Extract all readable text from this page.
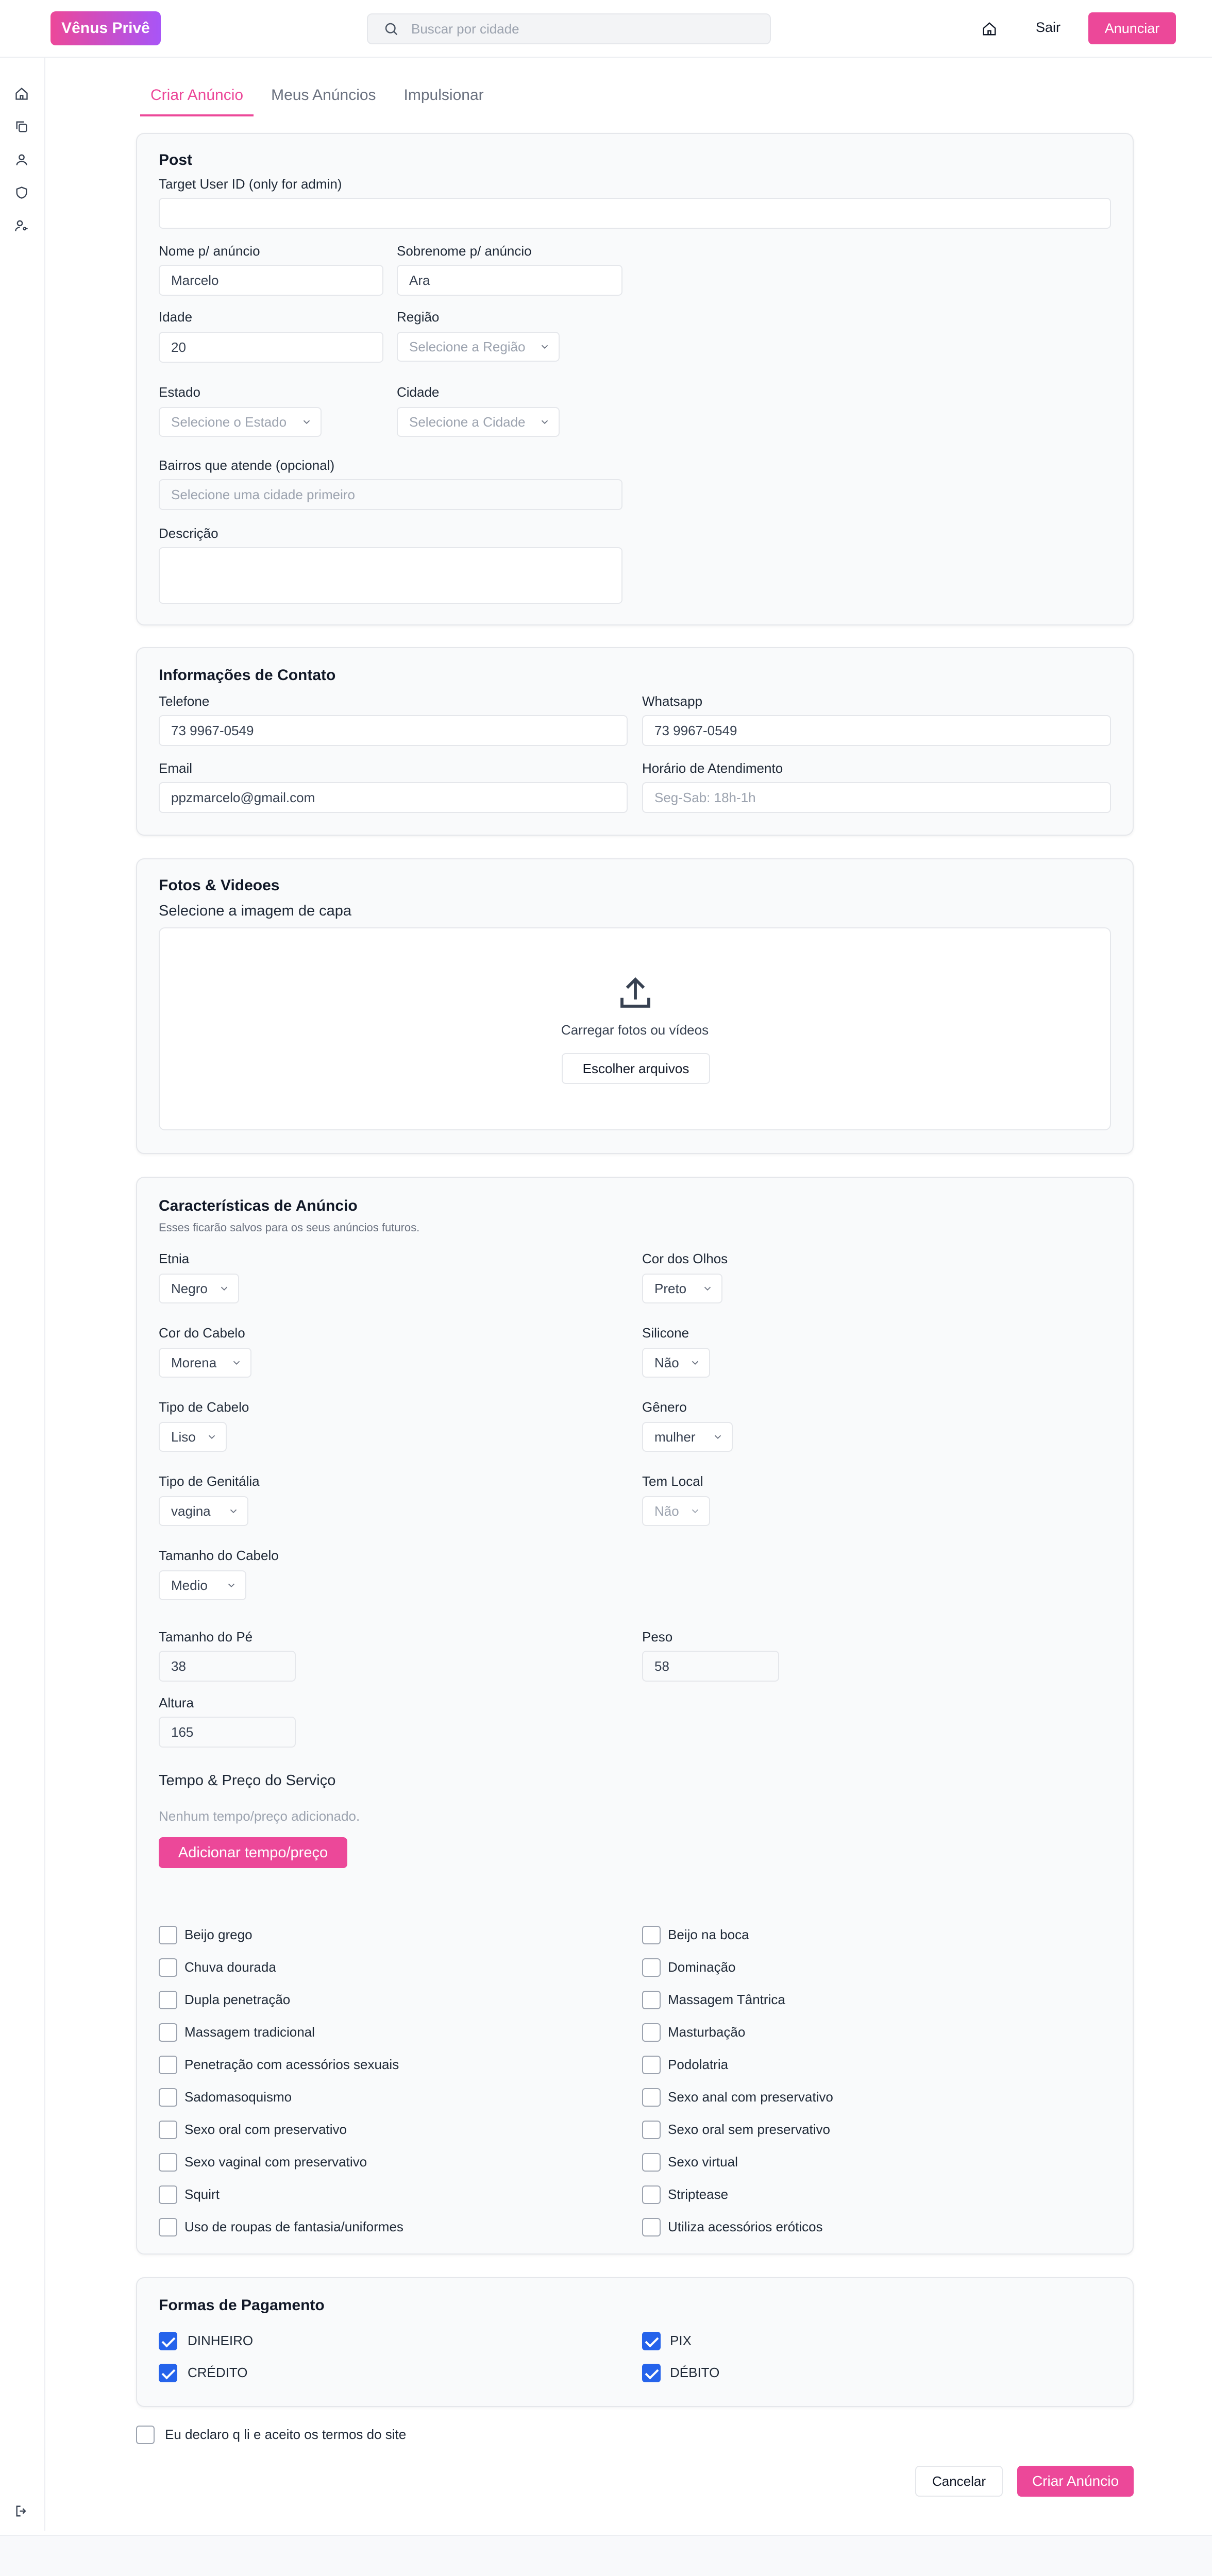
Vênus Privê	Buscar por cidade	Sair	Anunciar
Criar Anúncio	Meus Anúncios	Impulsionar
Post
Target User ID (only for admin)
Nome p/ anúncio
Marcelo
Sobrenome p/ anúncio
Ara
Idade
20
Região
Selecione a Região
Estado
Selecione o Estado
Cidade
Selecione a Cidade
Bairros que atende (opcional)
Selecione uma cidade primeiro
Descrição
Informações de Contato
Telefone
73 9967-0549
Whatsapp
73 9967-0549
Email
ppzmarcelo@gmail.com
Horário de Atendimento
Seg-Sab: 18h-1h
Fotos & Videoes
Selecione a imagem de capa
Carregar fotos ou vídeos
Escolher arquivos
Características de Anúncio
Esses ficarão salvos para os seus anúncios futuros.
Etnia
Negro
Cor dos Olhos
Preto
Cor do Cabelo
Morena
Silicone
Não
Tipo de Cabelo
Liso
Gênero
mulher
Tipo de Genitália
vagina
Tem Local
Não
Tamanho do Cabelo
Medio
Tamanho do Pé
38
Peso
58
Altura
165
Tempo & Preço do Serviço
Nenhum tempo/preço adicionado.
Adicionar tempo/preço
Beijo grego
Chuva dourada
Dupla penetração
Massagem tradicional
Penetração com acessórios sexuais
Sadomasoquismo
Sexo oral com preservativo
Sexo vaginal com preservativo
Squirt
Uso de roupas de fantasia/uniformes
Beijo na boca
Dominação
Massagem Tântrica
Masturbação
Podolatria
Sexo anal com preservativo
Sexo oral sem preservativo
Sexo virtual
Striptease
Utiliza acessórios eróticos
Formas de Pagamento
DINHEIRO	PIX
CRÉDITO	DÉBITO
Eu declaro q li e aceito os termos do site
Cancelar	Criar Anúncio
